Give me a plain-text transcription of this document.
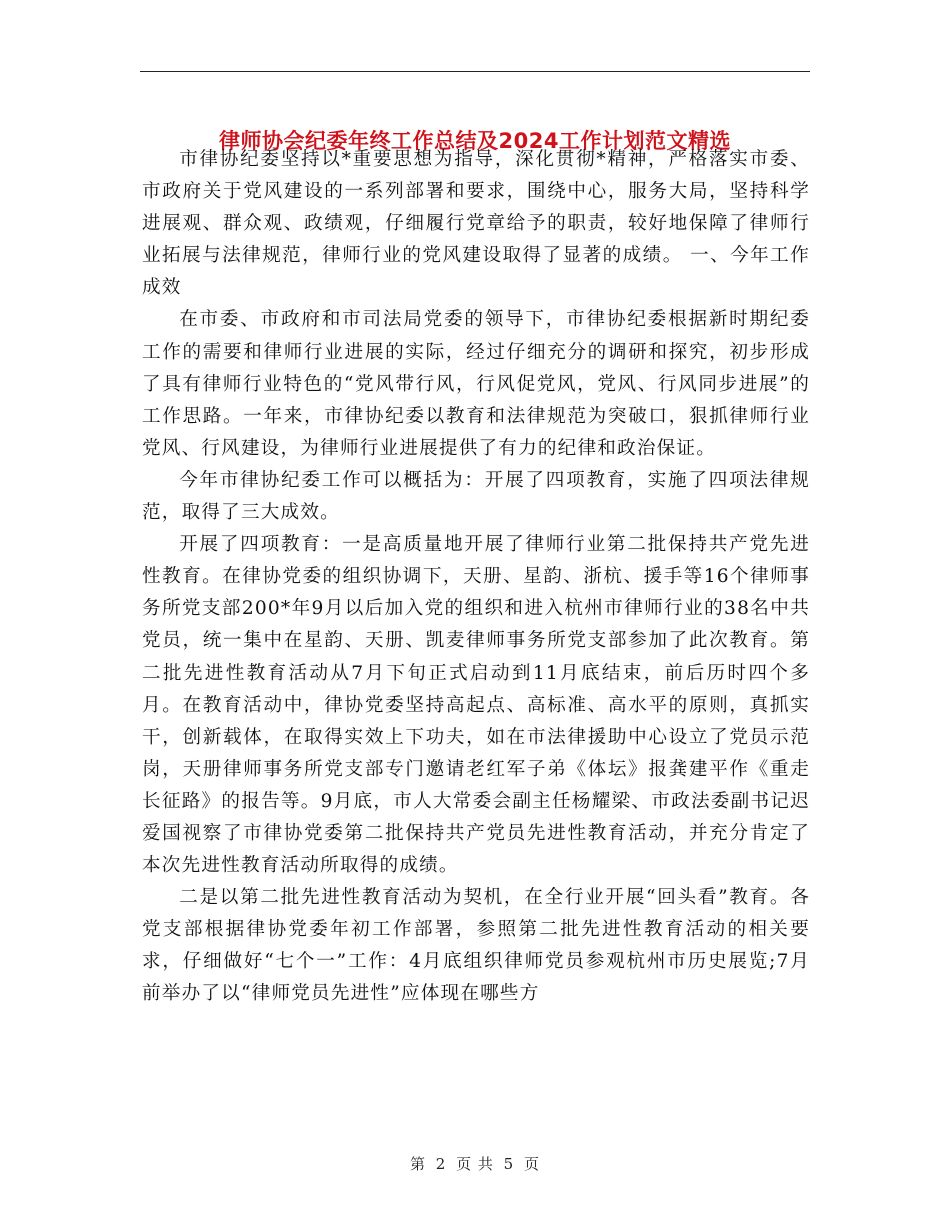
律师协会纪委年终工作总结及2024工作计划范文精选

市律协纪委坚持以*重要思想为指导，深化贯彻*精神，严格落实市委、市政府关于党风建设的一系列部署和要求，围绕中心，服务大局，坚持科学进展观、群众观、政绩观，仔细履行党章给予的职责，较好地保障了律师行业拓展与法律规范，律师行业的党风建设取得了显著的成绩。 一、今年工作成效

在市委、市政府和市司法局党委的领导下，市律协纪委根据新时期纪委工作的需要和律师行业进展的实际，经过仔细充分的调研和探究，初步形成了具有律师行业特色的“党风带行风，行风促党风，党风、行风同步进展”的工作思路。一年来，市律协纪委以教育和法律规范为突破口，狠抓律师行业党风、行风建设，为律师行业进展提供了有力的纪律和政治保证。

今年市律协纪委工作可以概括为：开展了四项教育，实施了四项法律规范，取得了三大成效。

开展了四项教育：一是高质量地开展了律师行业第二批保持共产党先进性教育。在律协党委的组织协调下，天册、星韵、浙杭、援手等16个律师事务所党支部200*年9月以后加入党的组织和进入杭州市律师行业的38名中共党员，统一集中在星韵、天册、凯麦律师事务所党支部参加了此次教育。第二批先进性教育活动从7月下旬正式启动到11月底结束，前后历时四个多月。在教育活动中，律协党委坚持高起点、高标准、高水平的原则，真抓实干，创新载体，在取得实效上下功夫，如在市法律援助中心设立了党员示范岗，天册律师事务所党支部专门邀请老红军子弟《体坛》报龚建平作《重走长征路》的报告等。9月底，市人大常委会副主任杨耀梁、市政法委副书记迟爱国视察了市律协党委第二批保持共产党员先进性教育活动，并充分肯定了本次先进性教育活动所取得的成绩。

二是以第二批先进性教育活动为契机，在全行业开展“回头看”教育。各党支部根据律协党委年初工作部署，参照第二批先进性教育活动的相关要求，仔细做好“七个一”工作：4月底组织律师党员参观杭州市历史展览;7月前举办了以“律师党员先进性”应体现在哪些方

第 2 页 共 5 页
